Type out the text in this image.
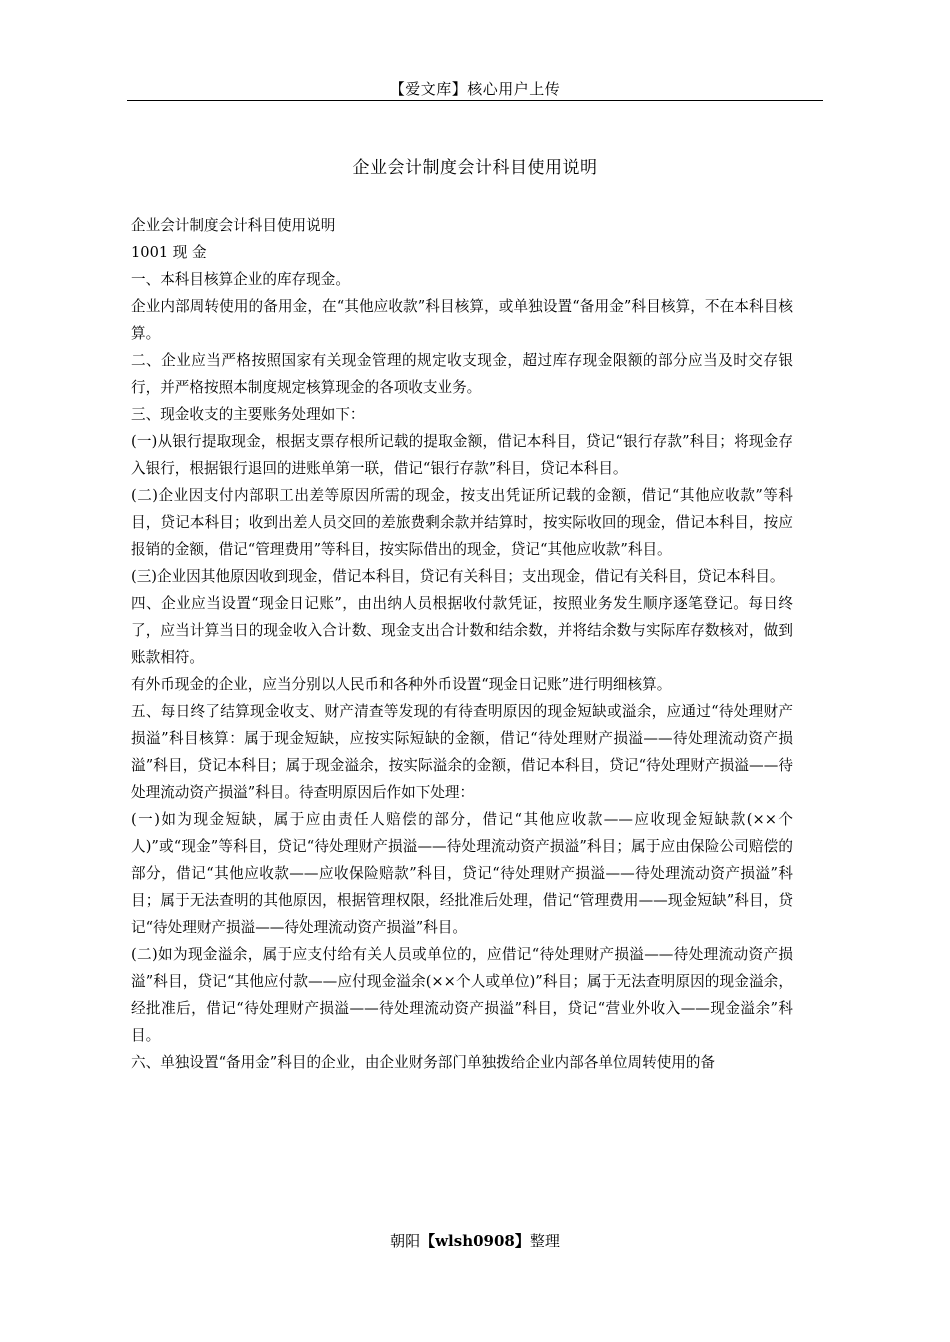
【爱文库】核心用户上传
企业会计制度会计科目使用说明

企业会计制度会计科目使用说明

1001 现 金

一、本科目核算企业的库存现金。

企业内部周转使用的备用金，在“其他应收款”科目核算，或单独设置“备用金”科目核算，不在本科目核算。

二、企业应当严格按照国家有关现金管理的规定收支现金，超过库存现金限额的部分应当及时交存银行，并严格按照本制度规定核算现金的各项收支业务。

三、现金收支的主要账务处理如下：

(一)从银行提取现金，根据支票存根所记载的提取金额，借记本科目，贷记“银行存款”科目；将现金存入银行，根据银行退回的进账单第一联，借记“银行存款”科目，贷记本科目。

(二)企业因支付内部职工出差等原因所需的现金，按支出凭证所记载的金额，借记“其他应收款”等科目，贷记本科目；收到出差人员交回的差旅费剩余款并结算时，按实际收回的现金，借记本科目，按应报销的金额，借记“管理费用”等科目，按实际借出的现金，贷记“其他应收款”科目。

(三)企业因其他原因收到现金，借记本科目，贷记有关科目；支出现金，借记有关科目，贷记本科目。

四、企业应当设置“现金日记账”，由出纳人员根据收付款凭证，按照业务发生顺序逐笔登记。每日终了，应当计算当日的现金收入合计数、现金支出合计数和结余数，并将结余数与实际库存数核对，做到账款相符。

有外币现金的企业，应当分别以人民币和各种外币设置“现金日记账”进行明细核算。

五、每日终了结算现金收支、财产清查等发现的有待查明原因的现金短缺或溢余，应通过“待处理财产损溢”科目核算：属于现金短缺，应按实际短缺的金额，借记“待处理财产损溢——待处理流动资产损溢”科目，贷记本科目；属于现金溢余，按实际溢余的金额，借记本科目，贷记“待处理财产损溢——待处理流动资产损溢”科目。待查明原因后作如下处理：

(一)如为现金短缺，属于应由责任人赔偿的部分，借记“其他应收款——应收现金短缺款(××个人)”或“现金”等科目，贷记“待处理财产损溢——待处理流动资产损溢”科目；属于应由保险公司赔偿的部分，借记“其他应收款——应收保险赔款”科目，贷记“待处理财产损溢——待处理流动资产损溢”科目；属于无法查明的其他原因，根据管理权限，经批准后处理，借记“管理费用——现金短缺”科目，贷记“待处理财产损溢——待处理流动资产损溢”科目。

(二)如为现金溢余，属于应支付给有关人员或单位的，应借记“待处理财产损溢——待处理流动资产损溢”科目，贷记“其他应付款——应付现金溢余(××个人或单位)”科目；属于无法查明原因的现金溢余，经批准后，借记“待处理财产损溢——待处理流动资产损溢”科目，贷记“营业外收入——现金溢余”科目。

六、单独设置“备用金”科目的企业，由企业财务部门单独拨给企业内部各单位周转使用的备

朝阳【wlsh0908】整理
